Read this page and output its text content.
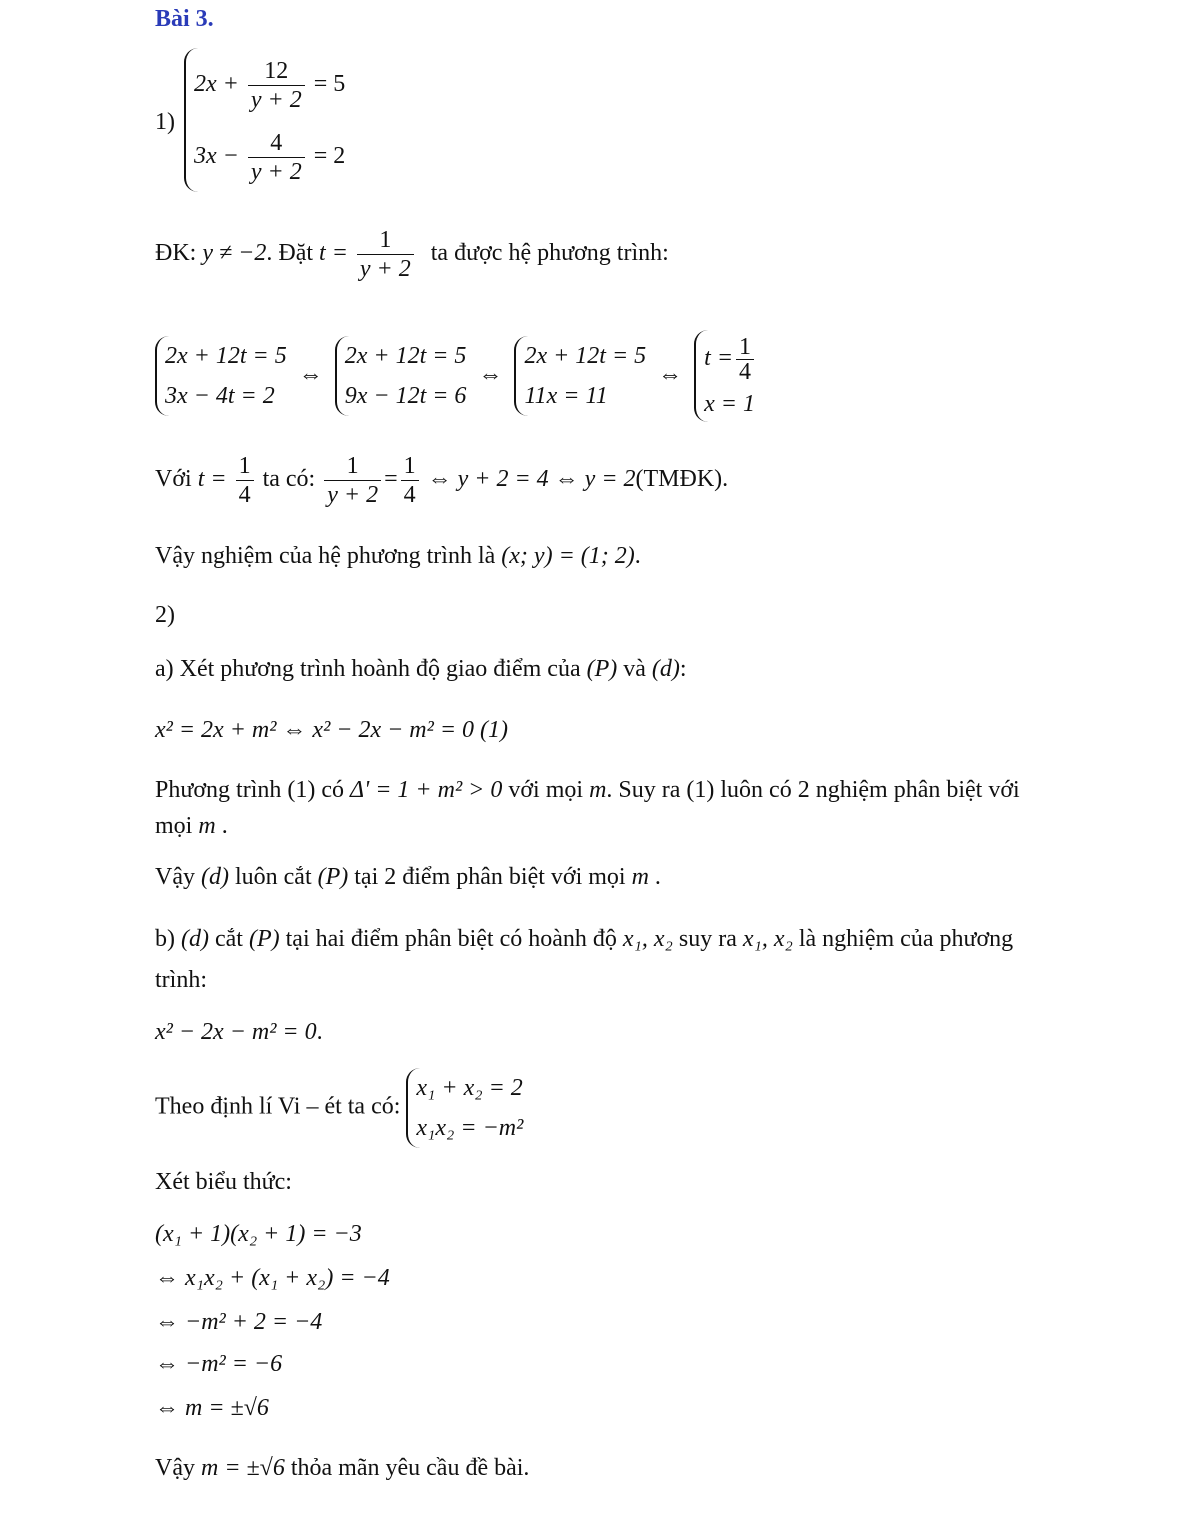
Bài 3.
1)
$2x + \frac{12}{y + 2} = 5$
$3x - \frac{4}{y + 2} = 2$
ĐK: y ≠ −2. Đặt $t = \frac{1}{y + 2}$ ta được hệ phương trình:
2x + 12t = 5
3x − 4t = 2
⇔
2x + 12t = 5
9x − 12t = 6
⇔
2x + 12t = 5
11x = 11
⇔
$t = \frac{1}{4}$
x = 1
Với $t = \frac{1}{4}$ ta có: $\frac{1}{y + 2} = \frac{1}{4}$ ⇔ y + 2 = 4 ⇔ y = 2(TMĐK).
Vậy nghiệm của hệ phương trình là (x; y) = (1; 2).
2)
a) Xét phương trình hoành độ giao điểm của (P) và (d):
x² = 2x + m² ⇔ x² − 2x − m² = 0 (1)
Phương trình (1) có Δ' = 1 + m² > 0 với mọi m. Suy ra (1) luôn có 2 nghiệm phân biệt với
mọi m .
Vậy (d) luôn cắt (P) tại 2 điểm phân biệt với mọi m .
b) (d) cắt (P) tại hai điểm phân biệt có hoành độ x₁, x₂ suy ra x₁, x₂ là nghiệm của phương
trình:
x² − 2x − m² = 0.
Theo định lí Vi – ét ta có:
x₁ + x₂ = 2
x₁x₂ = −m²
Xét biểu thức:
(x₁ + 1)(x₂ + 1) = −3
⇔ x₁x₂ + (x₁ + x₂) = −4
⇔ −m² + 2 = −4
⇔ −m² = −6
⇔ m = ±√6
Vậy m = ±√6 thỏa mãn yêu cầu đề bài.
